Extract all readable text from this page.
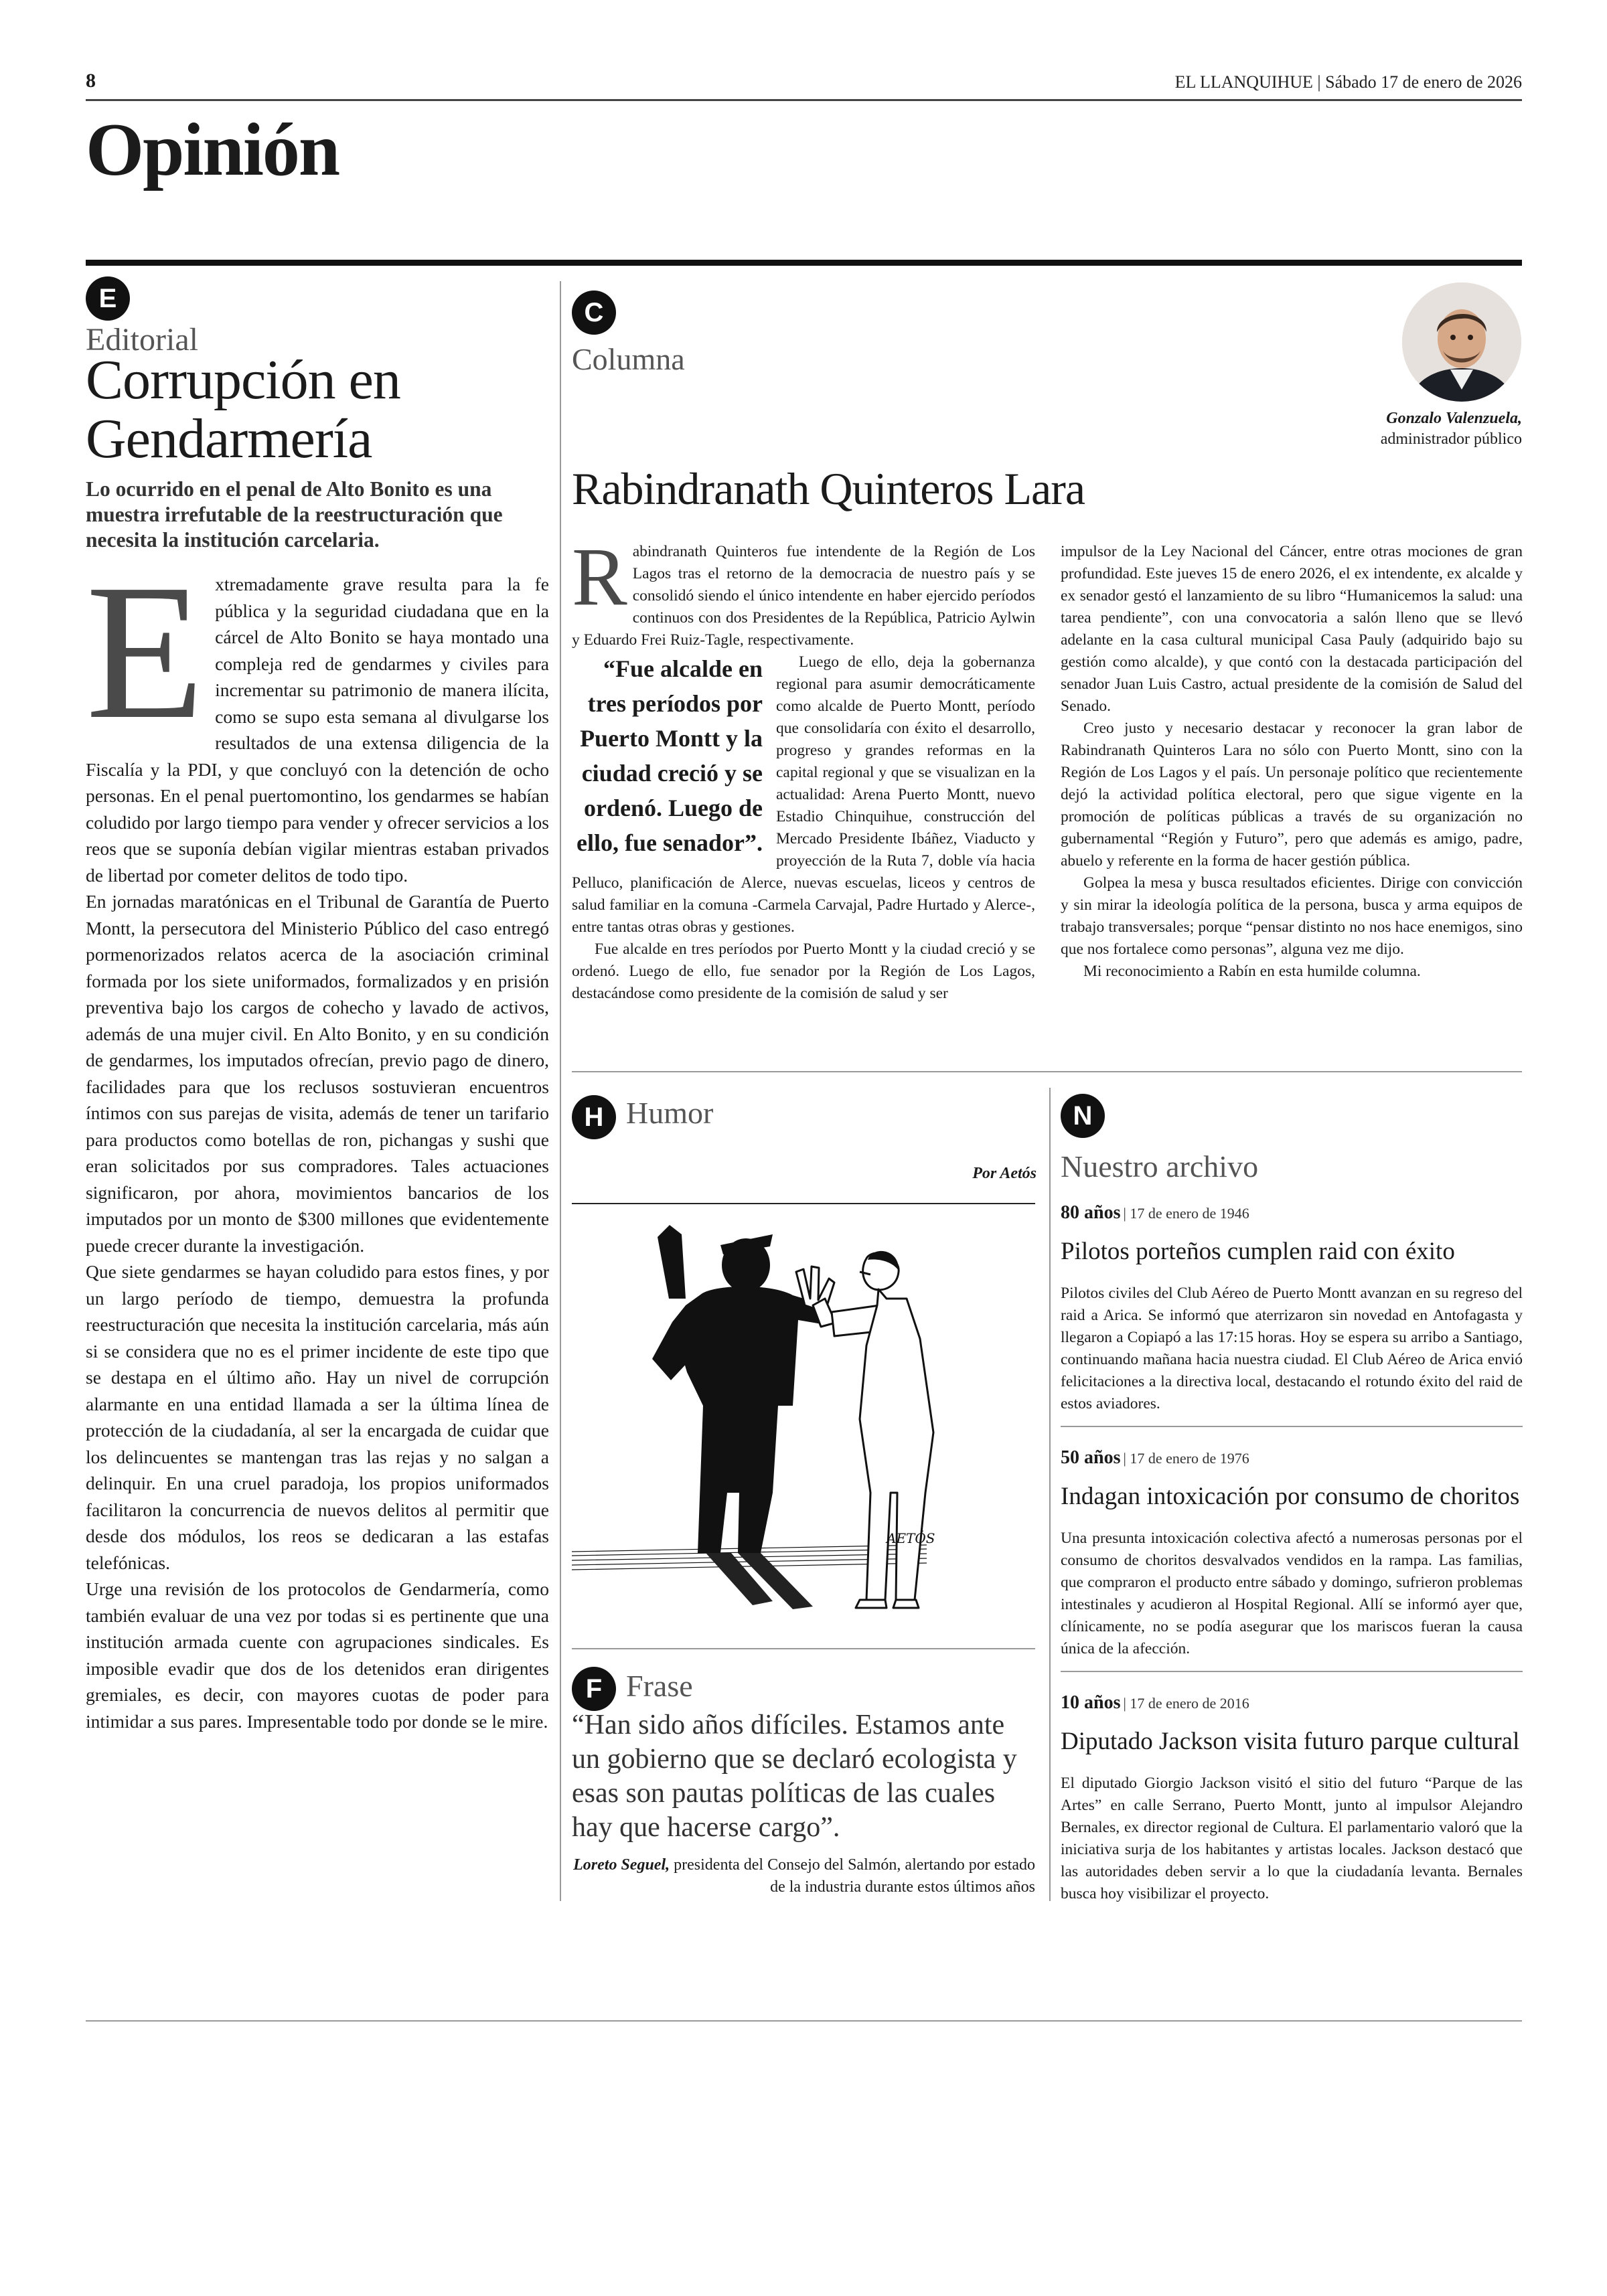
8	EL LLANQUIHUE | Sábado 17 de enero de 2026
Opinión
E
Editorial
Corrupción en Gendarmería
Lo ocurrido en el penal de Alto Bonito es una muestra irrefutable de la reestructuración que necesita la institución carcelaria.
E xtremadamente grave resulta para la fe pública y la seguridad ciudadana que en la cárcel de Alto Bonito se haya montado una compleja red de gendarmes y civiles para incrementar su patrimonio de manera ilícita, como se supo esta semana al divulgarse los resultados de una extensa diligencia de la Fiscalía y la PDI, y que concluyó con la detención de ocho personas. En el penal puertomontino, los gendarmes se habían coludido por largo tiempo para vender y ofrecer servicios a los reos que se suponía debían vigilar mientras estaban privados de libertad por cometer delitos de todo tipo.

En jornadas maratónicas en el Tribunal de Garantía de Puerto Montt, la persecutora del Ministerio Público del caso entregó pormenorizados relatos acerca de la asociación criminal formada por los siete uniformados, formalizados y en prisión preventiva bajo los cargos de cohecho y lavado de activos, además de una mujer civil. En Alto Bonito, y en su condición de gendarmes, los imputados ofrecían, previo pago de dinero, facilidades para que los reclusos sostuvieran encuentros íntimos con sus parejas de visita, además de tener un tarifario para productos como botellas de ron, pichangas y sushi que eran solicitados por sus compradores. Tales actuaciones significaron, por ahora, movimientos bancarios de los imputados por un monto de $300 millones que evidentemente puede crecer durante la investigación.

Que siete gendarmes se hayan coludido para estos fines, y por un largo período de tiempo, demuestra la profunda reestructuración que necesita la institución carcelaria, más aún si se considera que no es el primer incidente de este tipo que se destapa en el último año. Hay un nivel de corrupción alarmante en una entidad llamada a ser la última línea de protección de la ciudadanía, al ser la encargada de cuidar que los delincuentes se mantengan tras las rejas y no salgan a delinquir. En una cruel paradoja, los propios uniformados facilitaron la concurrencia de nuevos delitos al permitir que desde dos módulos, los reos se dedicaran a las estafas telefónicas.

Urge una revisión de los protocolos de Gendarmería, como también evaluar de una vez por todas si es pertinente que una institución armada cuente con agrupaciones sindicales. Es imposible evadir que dos de los detenidos eran dirigentes gremiales, es decir, con mayores cuotas de poder para intimidar a sus pares. Impresentable todo por donde se le mire.

C
Columna
Gonzalo Valenzuela,
administrador público
Rabindranath Quinteros Lara
R abindranath Quinteros fue intendente de la Región de Los Lagos tras el retorno de la democracia de nuestro país y se consolidó siendo el único intendente en haber ejercido períodos continuos con dos Presidentes de la República, Patricio Aylwin y Eduardo Frei Ruiz-Tagle, respectivamente.

“Fue alcalde en tres períodos por Puerto Montt y la ciudad creció y se ordenó. Luego de ello, fue senador”.
Luego de ello, deja la gobernanza regional para asumir democráticamente como alcalde de Puerto Montt, período que consolidaría con éxito el desarrollo, progreso y grandes reformas en la capital regional y que se visualizan en la actualidad: Arena Puerto Montt, nuevo Estadio Chinquihue, construcción del Mercado Presidente Ibáñez, Viaducto y proyección de la Ruta 7, doble vía hacia Pelluco, planificación de Alerce, nuevas escuelas, liceos y centros de salud familiar en la comuna -Carmela Carvajal, Padre Hurtado y Alerce-, entre tantas otras obras y gestiones.

Fue alcalde en tres períodos por Puerto Montt y la ciudad creció y se ordenó. Luego de ello, fue senador por la Región de Los Lagos, destacándose como presidente de la comisión de salud y ser

impulsor de la Ley Nacional del Cáncer, entre otras mociones de gran profundidad. Este jueves 15 de enero 2026, el ex intendente, ex alcalde y ex senador gestó el lanzamiento de su libro “Humanicemos la salud: una tarea pendiente”, con una convocatoria a salón lleno que se llevó adelante en la casa cultural municipal Casa Pauly (adquirido bajo su gestión como alcalde), y que contó con la destacada participación del senador Juan Luis Castro, actual presidente de la comisión de Salud del Senado.

Creo justo y necesario destacar y reconocer la gran labor de Rabindranath Quinteros Lara no sólo con Puerto Montt, sino con la Región de Los Lagos y el país. Un personaje político que recientemente dejó la actividad política electoral, pero que sigue vigente en la promoción de políticas públicas a través de su organización no gubernamental “Región y Futuro”, pero que además es amigo, padre, abuelo y referente en la forma de hacer gestión pública.

Golpea la mesa y busca resultados eficientes. Dirige con convicción y sin mirar la ideología política de la persona, busca y arma equipos de trabajo transversales; porque “pensar distinto no nos hace enemigos, sino que nos fortalece como personas”, alguna vez me dijo.

Mi reconocimiento a Rabín en esta humilde columna.

H Humor
Por Aetós
AETÓS
F Frase
“Han sido años difíciles. Estamos ante un gobierno que se declaró ecologista y esas son pautas políticas de las cuales hay que hacerse cargo”.
Loreto Seguel, presidenta del Consejo del Salmón, alertando por estado de la industria durante estos últimos años
N
Nuestro archivo
80 años | 17 de enero de 1946
Pilotos porteños cumplen raid con éxito
Pilotos civiles del Club Aéreo de Puerto Montt avanzan en su regreso del raid a Arica. Se informó que aterrizaron sin novedad en Antofagasta y llegaron a Copiapó a las 17:15 horas. Hoy se espera su arribo a Santiago, continuando mañana hacia nuestra ciudad. El Club Aéreo de Arica envió felicitaciones a la directiva local, destacando el rotundo éxito del raid de estos aviadores.
50 años | 17 de enero de 1976
Indagan intoxicación por consumo de choritos
Una presunta intoxicación colectiva afectó a numerosas personas por el consumo de choritos desvalvados vendidos en la rampa. Las familias, que compraron el producto entre sábado y domingo, sufrieron problemas intestinales y acudieron al Hospital Regional. Allí se informó ayer que, clínicamente, no se podía asegurar que los mariscos fueran la causa única de la afección.
10 años | 17 de enero de 2016
Diputado Jackson visita futuro parque cultural
El diputado Giorgio Jackson visitó el sitio del futuro “Parque de las Artes” en calle Serrano, Puerto Montt, junto al impulsor Alejandro Bernales, ex director regional de Cultura. El parlamentario valoró que la iniciativa surja de los habitantes y artistas locales. Jackson destacó que las autoridades deben servir a lo que la ciudadanía levanta. Bernales busca hoy visibilizar el proyecto.
